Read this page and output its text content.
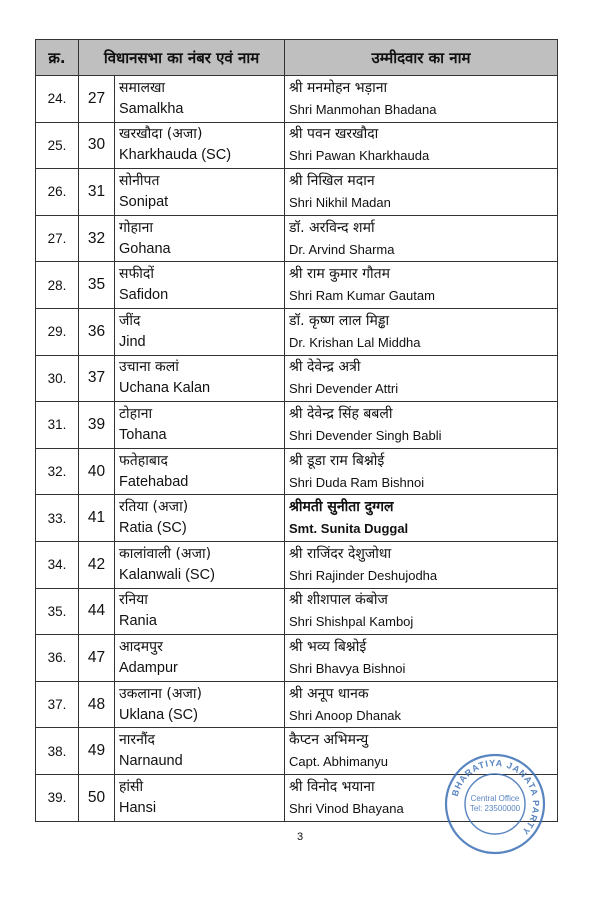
क्र.	विधानसभा का नंबर एवं नाम		उम्मीदवार का नाम
24.	27	समालखा
Samalkha	श्री मनमोहन भड़ाना
Shri Manmohan Bhadana

25.	30	खरखौदा (अजा)
Kharkhauda (SC)	श्री पवन खरखौदा
Shri Pawan Kharkhauda

26.	31	सोनीपत
Sonipat	श्री निखिल मदान
Shri Nikhil Madan

27.	32	गोहाना
Gohana	डॉ. अरविन्द शर्मा
Dr. Arvind Sharma

28.	35	सफीदों
Safidon	श्री राम कुमार गौतम
Shri Ram Kumar Gautam

29.	36	जींद
Jind	डॉ. कृष्ण लाल मिड्ढा
Dr. Krishan Lal Middha

30.	37	उचाना कलां
Uchana Kalan	श्री देवेन्द्र अत्री
Shri Devender Attri

31.	39	टोहाना
Tohana	श्री देवेन्द्र सिंह बबली
Shri Devender Singh Babli

32.	40	फतेहाबाद
Fatehabad	श्री डूडा राम बिश्नोई
Shri Duda Ram Bishnoi

33.	41	रतिया (अजा)
Ratia (SC)	श्रीमती सुनीता दुग्गल
Smt. Sunita Duggal

34.	42	कालांवाली (अजा)
Kalanwali (SC)	श्री राजिंदर देशुजोधा
Shri Rajinder Deshujodha

35.	44	रनिया
Rania	श्री शीशपाल कंबोज
Shri Shishpal Kamboj

36.	47	आदमपुर
Adampur	श्री भव्य बिश्नोई
Shri Bhavya Bishnoi

37.	48	उकलाना (अजा)
Uklana (SC)	श्री अनूप धानक
Shri Anoop Dhanak

38.	49	नारनौंद
Narnaund	कैप्टन अभिमन्यु
Capt. Abhimanyu

39.	50	हांसी
Hansi	श्री विनोद भयाना
Shri Vinod Bhayana
3
BHARATIYA JANATA PARTY
Central Office
Tel: 23500000
